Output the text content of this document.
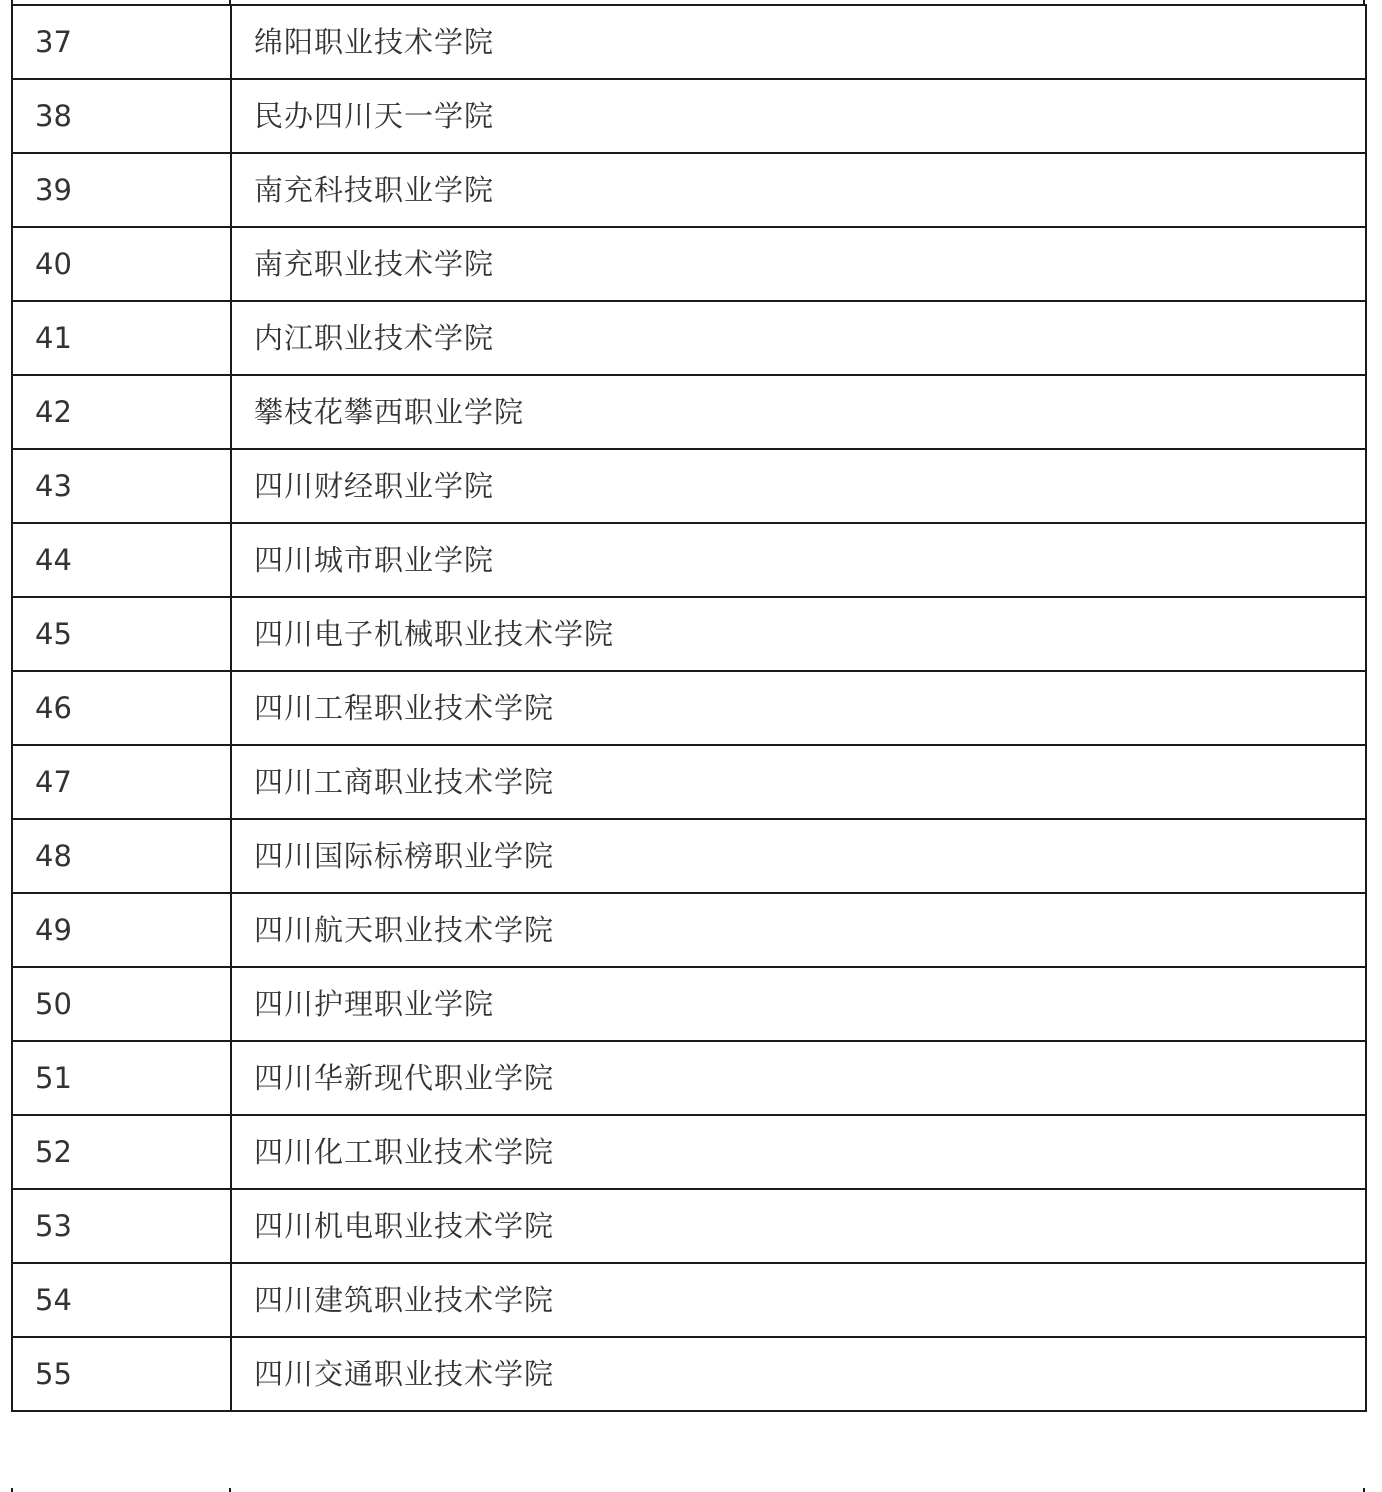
37	绵阳职业技术学院
38	民办四川天一学院
39	南充科技职业学院
40	南充职业技术学院
41	内江职业技术学院
42	攀枝花攀西职业学院
43	四川财经职业学院
44	四川城市职业学院
45	四川电子机械职业技术学院
46	四川工程职业技术学院
47	四川工商职业技术学院
48	四川国际标榜职业学院
49	四川航天职业技术学院
50	四川护理职业学院
51	四川华新现代职业学院
52	四川化工职业技术学院
53	四川机电职业技术学院
54	四川建筑职业技术学院
55	四川交通职业技术学院
